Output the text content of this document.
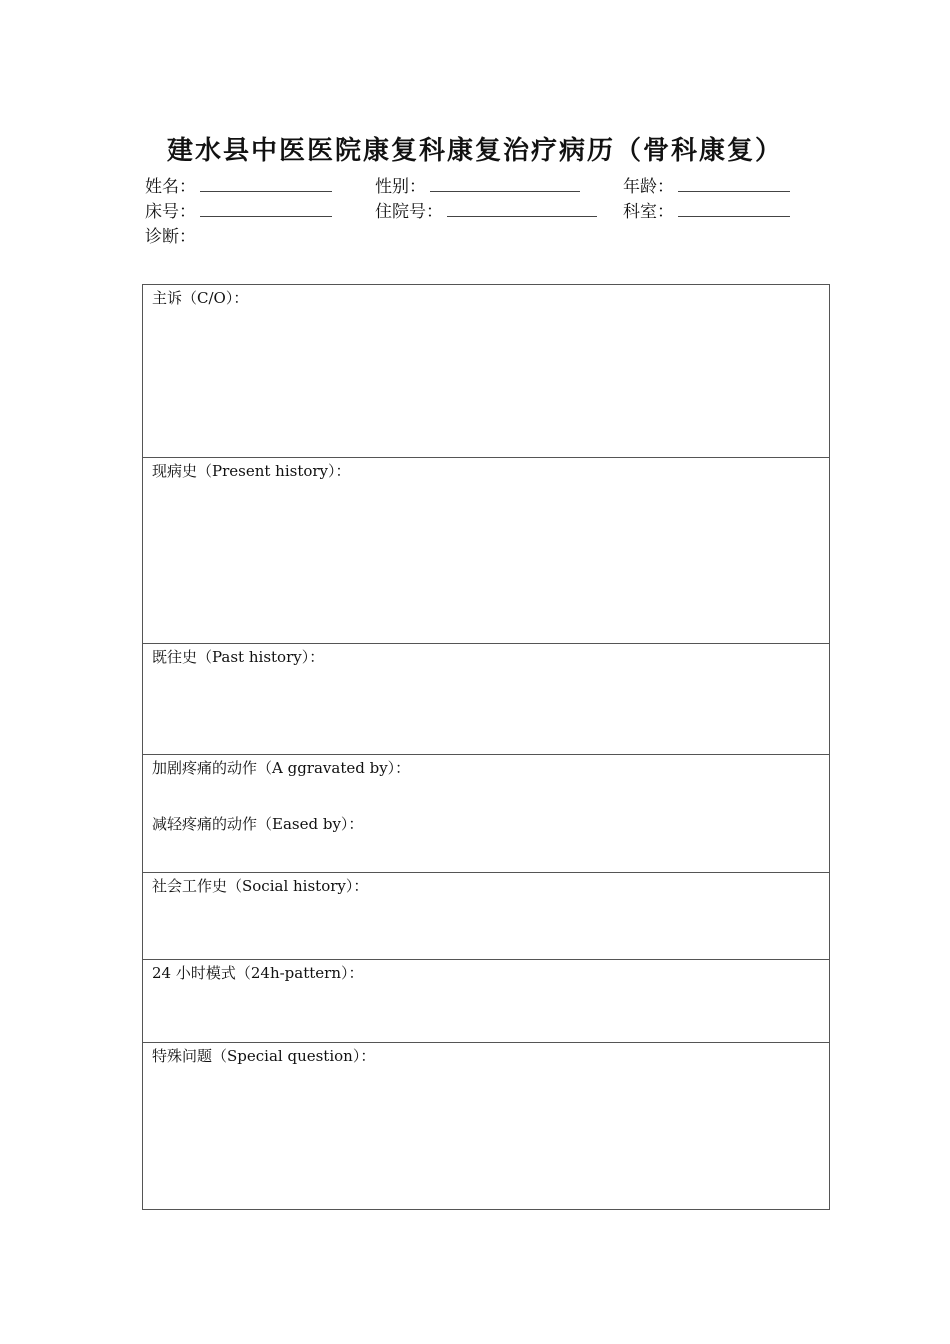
建水县中医医院康复科康复治疗病历（骨科康复）
姓名：	性别：	年龄：
床号：	住院号：	科室：
诊断：
主诉（C/O）：
现病史（Present history）：
既往史（Past history）：
加剧疼痛的动作（A ggravated by）：
减轻疼痛的动作（Eased by）：
社会工作史（Social history）：
24 小时模式（24h-pattern）：
特殊问题（Special question）：
